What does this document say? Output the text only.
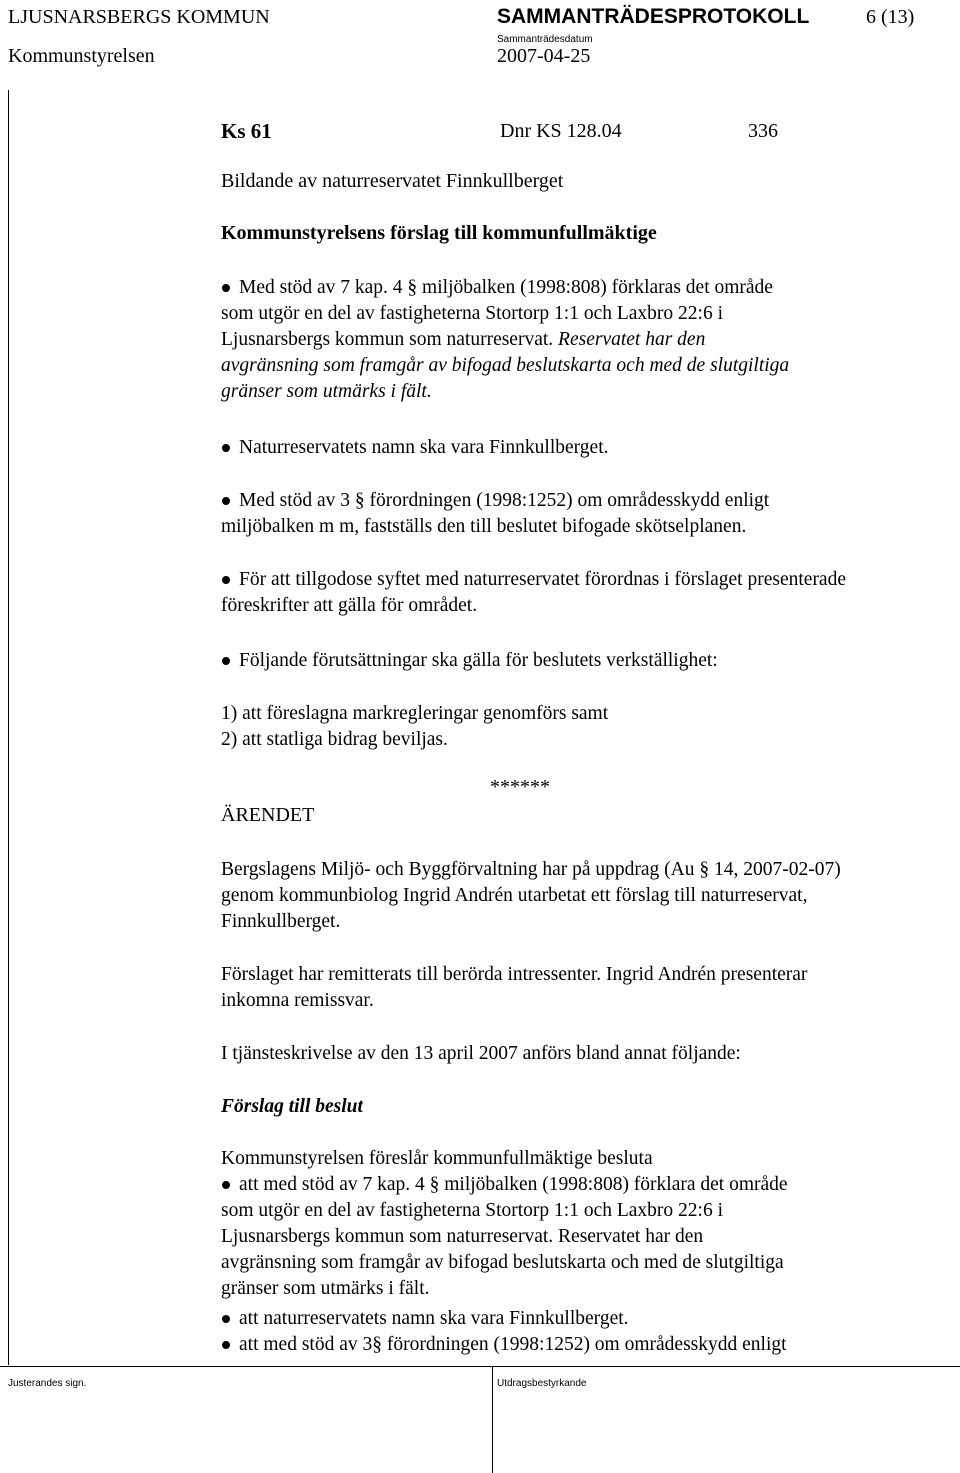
LJUSNARSBERGS KOMMUN	SAMMANTRÄDESPROTOKOLL	6 (13)
Kommunstyrelsen
Sammanträdesdatum
2007-04-25
Ks 61	Dnr KS 128.04	336
Bildande av naturreservatet Finnkullberget
Kommunstyrelsens förslag till kommunfullmäktige
Med stöd av 7 kap. 4 § miljöbalken (1998:808) förklaras det område
som utgör en del av fastigheterna Stortorp 1:1 och Laxbro 22:6 i
Ljusnarsbergs kommun som naturreservat. Reservatet har den
avgränsning som framgår av bifogad beslutskarta och med de slutgiltiga
gränser som utmärks i fält.
Naturreservatets namn ska vara Finnkullberget.
Med stöd av 3 § förordningen (1998:1252) om områdesskydd enligt
miljöbalken m m, fastställs den till beslutet bifogade skötselplanen.
För att tillgodose syftet med naturreservatet förordnas i förslaget presenterade
föreskrifter att gälla för området.
Följande förutsättningar ska gälla för beslutets verkställighet:
1) att föreslagna markregleringar genomförs samt
2) att statliga bidrag beviljas.
******
ÄRENDET
Bergslagens Miljö- och Byggförvaltning har på uppdrag (Au § 14, 2007-02-07)
genom kommunbiolog Ingrid Andrén utarbetat ett förslag till naturreservat,
Finnkullberget.
Förslaget har remitterats till berörda intressenter. Ingrid Andrén presenterar
inkomna remissvar.
I tjänsteskrivelse av den 13 april 2007 anförs bland annat följande:
Förslag till beslut
Kommunstyrelsen föreslår kommunfullmäktige besluta
att med stöd av 7 kap. 4 § miljöbalken (1998:808) förklara det område
som utgör en del av fastigheterna Stortorp 1:1 och Laxbro 22:6 i
Ljusnarsbergs kommun som naturreservat. Reservatet har den
avgränsning som framgår av bifogad beslutskarta och med de slutgiltiga
gränser som utmärks i fält.
att naturreservatets namn ska vara Finnkullberget.
att med stöd av 3§ förordningen (1998:1252) om områdesskydd enligt
Justerandes sign.	Utdragsbestyrkande
